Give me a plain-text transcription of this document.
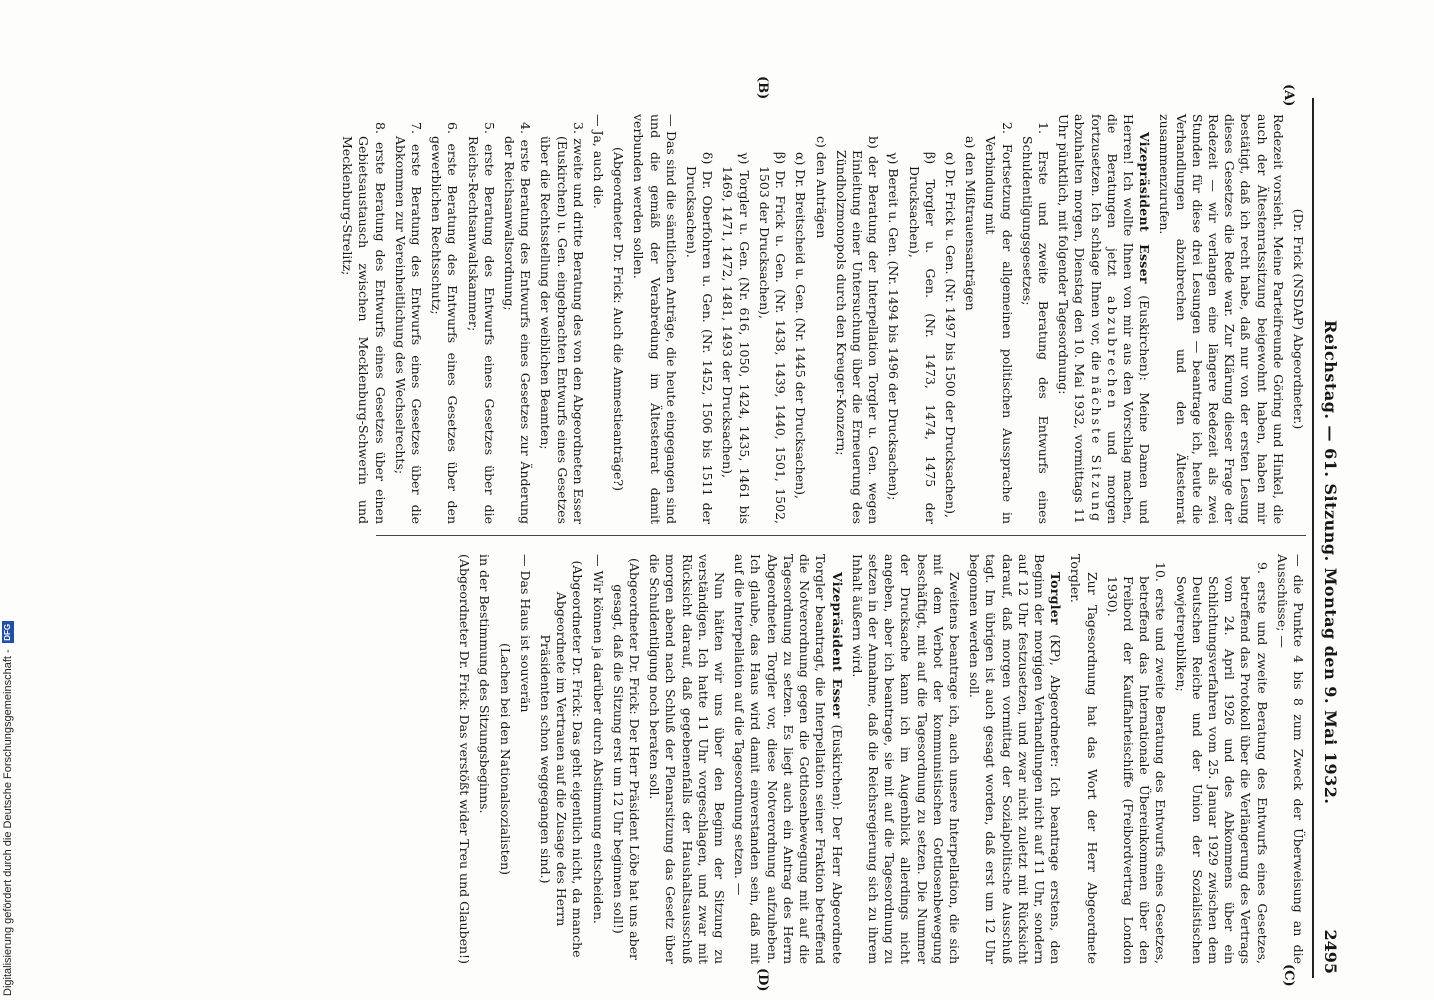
Reichstag. — 61. Sitzung. Montag den 9. Mai 1932.
2495
(A)
(B)
(C)
(D)

(Dr. Frick (NSDAP) Abgeordneter.)

Redezeit vorsieht. Meine Parteifreunde Göring und Hinkel, die auch der Ältestenratssitzung beigewohnt haben, haben mir bestätigt, daß ich recht habe, daß nur von der ersten Lesung dieses Gesetzes die Rede war. Zur Klärung dieser Frage der Redezeit — wir verlangen eine längere Redezeit als zwei Stunden für diese drei Lesungen — beantrage ich, heute die Verhandlungen abzubrechen und den Ältestenrat zusammenzurufen.

Vizepräsident Esser (Euskirchen): Meine Damen und Herren! Ich wollte Ihnen von mir aus den Vorschlag machen, die Beratungen jetzt abzubrechen und morgen fortzusetzen. Ich schlage Ihnen vor, die nächste Sitzung abzuhalten morgen, Dienstag den 10. Mai 1932, vormittags 11 Uhr pünktlich, mit folgender Tagesordnung:

1. Erste und zweite Beratung des Entwurfs eines Schuldentilgungsgesetzes;

2. Fortsetzung der allgemeinen politischen Aussprache in Verbindung mit

a) den Mißtrauensanträgen

α) Dr. Frick u. Gen. (Nr. 1497 bis 1500 der Drucksachen),

β) Torgler u. Gen. (Nr. 1473, 1474, 1475 der Drucksachen),

γ) Bereit u. Gen. (Nr. 1494 bis 1496 der Drucksachen);

b) der Beratung der Interpellation Torgler u. Gen. wegen Einleitung einer Untersuchung über die Erneuerung des Zündholzmonopols durch den Kreuger-Konzern;

c) den Anträgen

α) Dr. Breitscheid u. Gen. (Nr. 1445 der Drucksachen),

β) Dr. Frick u. Gen. (Nr. 1438, 1439, 1440, 1501, 1502, 1503 der Drucksachen),

γ) Torgler u. Gen. (Nr. 616, 1050, 1424, 1435, 1461 bis 1469, 1471, 1472, 1481, 1493 der Drucksachen),

δ) Dr. Oberfohren u. Gen. (Nr. 1452, 1506 bis 1511 der Drucksachen).

— Das sind die sämtlichen Anträge, die heute eingegangen sind und die gemäß der Verabredung im Ältestenrat damit verbunden werden sollen.

(Abgeordneter Dr. Frick: Auch die Ammestieanträge?)

— Ja, auch die.

3. zweite und dritte Beratung des von den Abgeordneten Esser (Euskirchen) u. Gen. eingebrachten Entwurfs eines Gesetzes über die Rechtsstellung der weiblichen Beamten;

4. erste Beratung des Entwurfs eines Gesetzes zur Änderung der Reichsanwaltsordnung;

5. erste Beratung des Entwurfs eines Gesetzes über die Reichs-Rechtsanwaltskammer;

6. erste Beratung des Entwurfs eines Gesetzes über den gewerblichen Rechtsschutz;

7. erste Beratung des Entwurfs eines Gesetzes über die Abkommen zur Vereinheitlichung des Wechselrechts;

8. erste Beratung des Entwurfs eines Gesetzes über einen Gebietsaustausch zwischen Mecklenburg-Schwerin und Mecklenburg-Strelitz;

— die Punkte 4 bis 8 zum Zweck der Überweisung an die Ausschüsse; —

9. erste und zweite Beratung des Entwurfs eines Gesetzes, betreffend das Protokoll über die Verlängerung des Vertrags vom 24. April 1926 und des Abkommens über ein Schlichtungsverfahren vom 25. Januar 1929 zwischen dem Deutschen Reiche und der Union der Sozialistischen Sowjetrepubliken;

10. erste und zweite Beratung des Entwurfs eines Gesetzes, betreffend das Internationale Übereinkommen über den Freibord der Kauffahrteischiffe (Freibordvertrag London 1930).

Zur Tagesordnung hat das Wort der Herr Abgeordnete Torgler.

Torgler (KP), Abgeordneter: Ich beantrage erstens, den Beginn der morgigen Verhandlungen nicht auf 11 Uhr, sondern auf 12 Uhr festzusetzen, und zwar nicht zuletzt mit Rücksicht darauf, daß morgen vormittag der Sozialpolitische Ausschuß tagt. Im übrigen ist auch gesagt worden, daß erst um 12 Uhr begonnen werden soll.

Zweitens beantrage ich, auch unsere Interpellation, die sich mit dem Verbot der kommunistischen Gottlosenbewegung beschäftigt, mit auf die Tagesordnung zu setzen. Die Nummer der Drucksache kann ich im Augenblick allerdings nicht angeben, aber ich beantrage, sie mit auf die Tagesordnung zu setzen in der Annahme, daß die Reichsregierung sich zu ihrem Inhalt äußern wird.

Vizepräsident Esser (Euskirchen): Der Herr Abgeordnete Torgler beantragt, die Interpellation seiner Fraktion betreffend die Notverordnung gegen die Gottlosenbewegung mit auf die Tagesordnung zu setzen. Es liegt auch ein Antrag des Herrn Abgeordneten Torgler vor, diese Notverordnung aufzuheben. Ich glaube, das Haus wird damit einverstanden sein, daß mit auf die Interpellation auf die Tagesordnung setzen. —

Nun hätten wir uns über den Beginn der Sitzung zu verständigen. Ich hatte 11 Uhr vorgeschlagen, und zwar mit Rücksicht darauf, daß gegebenenfalls der Haushaltsausschuß morgen abend nach Schluß der Plenarsitzung das Gesetz über die Schuldentilgung noch beraten soll.

(Abgeordneter Dr. Frick: Der Herr Präsident Löbe hat uns aber gesagt, daß die Sitzung erst um 12 Uhr beginnen soll!)

— Wir können ja darüber durch Abstimmung entscheiden.

(Abgeordneter Dr. Frick: Das geht eigentlich nicht, da manche Abgeordnete im Vertrauen auf die Zusage des Herrn Präsidenten schon weggegangen sind.)

— Das Haus ist souverän

(Lachen bei den Nationalsozialisten)

in der Bestimmung des Sitzungsbeginns.

(Abgeordneter Dr. Frick: Das verstößt wider Treu und Glauben!)

Digitalisierung gefördert durch die Deutsche Forschungsgemeinschaft -
DFG
